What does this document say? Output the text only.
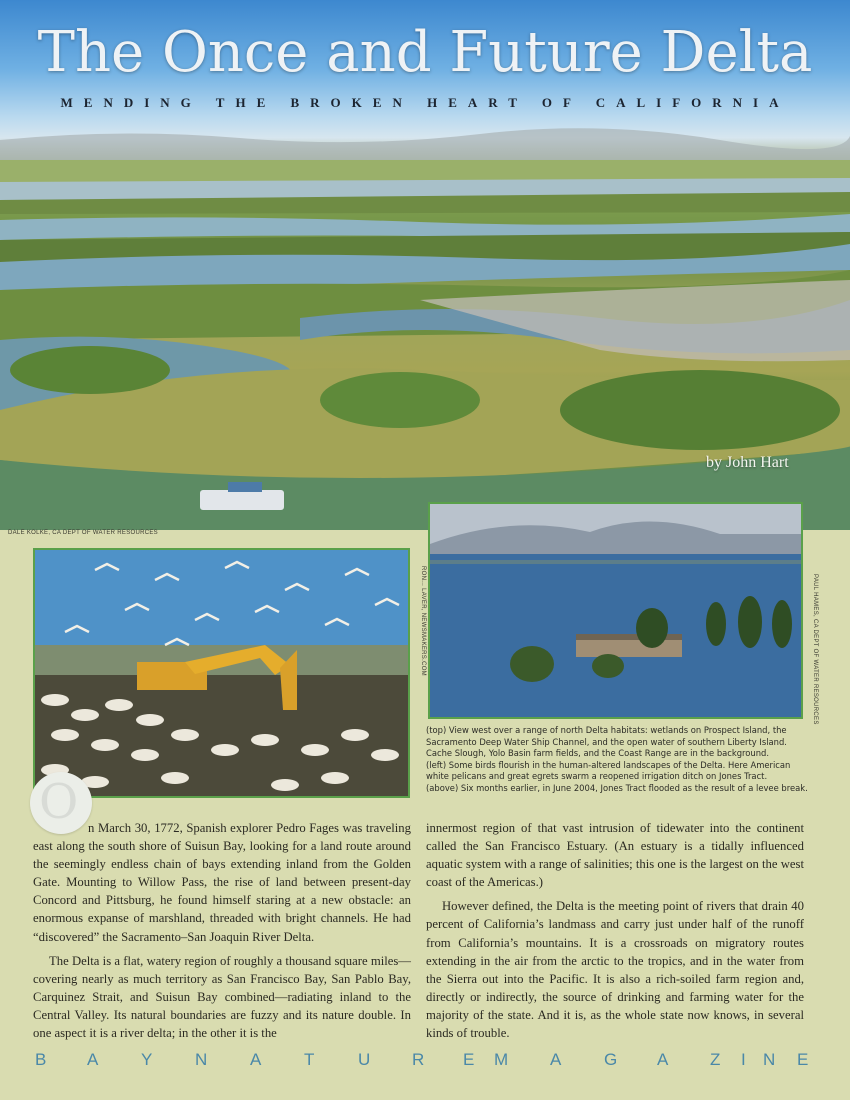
The Once and Future Delta
MENDING THE BROKEN HEART OF CALIFORNIA
by John Hart
DALE KOLKE, CA DEPT OF WATER RESOURCES
RON... LAVER, NEWSMAKERS.COM	PAUL HAMES, CA DEPT OF WATER RESOURCES

(top) View west over a range of north Delta habitats: wetlands on Prospect Island, the Sacramento Deep Water Ship Channel, and the open water of southern Liberty Island. Cache Slough, Yolo Basin farm fields, and the Coast Range are in the background.

(left) Some birds flourish in the human-altered landscapes of the Delta. Here American white pelicans and great egrets swarm a reopened irrigation ditch on Jones Tract.

(above) Six months earlier, in June 2004, Jones Tract flooded as the result of a levee break.

O n March 30, 1772, Spanish explorer Pedro Fages was traveling east along the south shore of Suisun Bay, looking for a land route around the seemingly endless chain of bays extending inland from the Golden Gate. Mounting to Willow Pass, the rise of land between present-day Concord and Pittsburg, he found himself staring at a new obstacle: an enormous expanse of marshland, threaded with bright channels. He had “discovered” the Sacramento–San Joaquin River Delta.

The Delta is a flat, watery region of roughly a thousand square miles—covering nearly as much territory as San Francisco Bay, San Pablo Bay, Carquinez Strait, and Suisun Bay combined—radiating inland to the Central Valley. Its natural boundaries are fuzzy and its nature double. In one aspect it is a river delta; in the other it is the

innermost region of that vast intrusion of tidewater into the continent called the San Francisco Estuary. (An estuary is a tidally influenced aquatic system with a range of salinities; this one is the largest on the west coast of the Americas.)

However defined, the Delta is the meeting point of rivers that drain 40 percent of California’s landmass and carry just under half of the runoff from California’s mountains. It is a crossroads on migratory routes extending in the air from the arctic to the tropics, and in the water from the Sierra out into the Pacific. It is also a rich-soiled farm region and, directly or indirectly, the source of drinking and farming water for the majority of the state. And it is, as the whole state now knows, in several kinds of trouble.

B A	Y	N	A	T	U R E M A	G A Z I N E
